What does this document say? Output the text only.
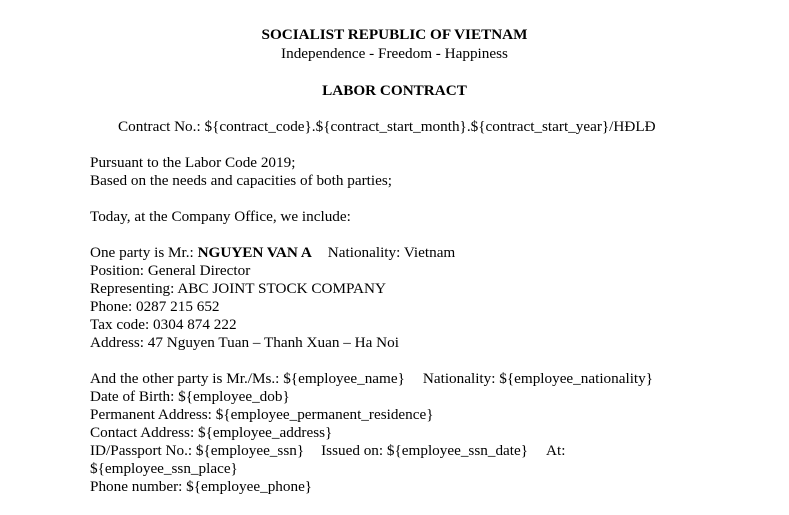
SOCIALIST REPUBLIC OF VIETNAM
Independence - Freedom - Happiness
LABOR CONTRACT
Contract No.: ${contract_code}.${contract_start_month}.${contract_start_year}/HĐLĐ
Pursuant to the Labor Code 2019;
Based on the needs and capacities of both parties;
Today, at the Company Office, we include:
One party is Mr.: NGUYEN VAN A Nationality: Vietnam
Position: General Director
Representing: ABC JOINT STOCK COMPANY
Phone: 0287 215 652
Tax code: 0304 874 222
Address: 47 Nguyen Tuan – Thanh Xuan – Ha Noi
And the other party is Mr./Ms.: ${employee_name} Nationality: ${employee_nationality}
Date of Birth: ${employee_dob}
Permanent Address: ${employee_permanent_residence}
Contact Address: ${employee_address}
ID/Passport No.: ${employee_ssn} Issued on: ${employee_ssn_date} At:
${employee_ssn_place}
Phone number: ${employee_phone}
